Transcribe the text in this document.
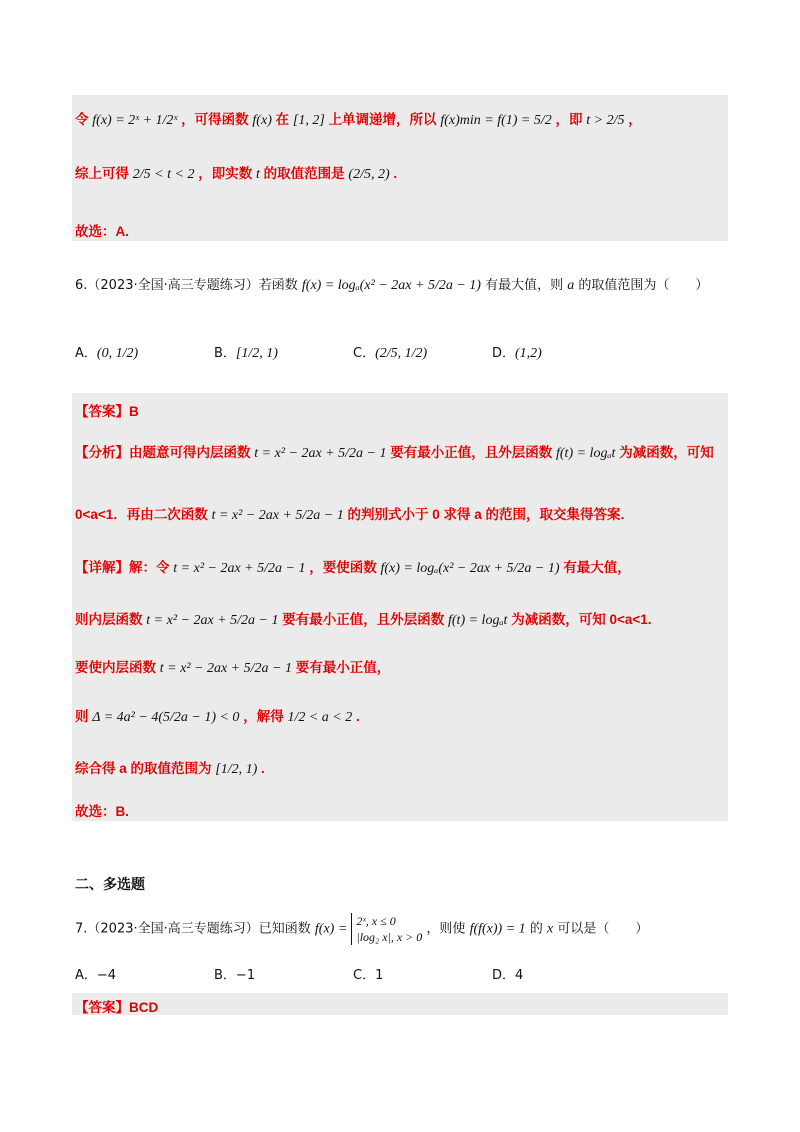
令 f(x) = 2ˣ + 1/2ˣ ，可得函数 f(x) 在 [1, 2] 上单调递增，所以 f(x)min = f(1) = 5/2 ，即 t > 2/5 ，
综上可得 2/5 < t < 2 ，即实数 t 的取值范围是 (2/5, 2) .
故选：A.
6.（2023·全国·高三专题练习）若函数 f(x) = logₐ(x² − 2ax + 5/2a − 1) 有最大值，则 a 的取值范围为（　　）
A．(0, 1/2)	B．[1/2, 1)	C．(2/5, 1/2)	D．(1,2)
【答案】B
【分析】由题意可得内层函数 t = x² − 2ax + 5/2a − 1 要有最小正值，且外层函数 f(t) = logₐt 为减函数，可知
0<a<1．再由二次函数 t = x² − 2ax + 5/2a − 1 的判别式小于 0 求得 a 的范围，取交集得答案．
【详解】解：令 t = x² − 2ax + 5/2a − 1 ，要使函数 f(x) = logₐ(x² − 2ax + 5/2a − 1) 有最大值，
则内层函数 t = x² − 2ax + 5/2a − 1 要有最小正值，且外层函数 f(t) = logₐt 为减函数，可知 0<a<1.
要使内层函数 t = x² − 2ax + 5/2a − 1 要有最小正值，
则 Δ = 4a² − 4(5/2a − 1) < 0 ，解得 1/2 < a < 2 .
综合得 a 的取值范围为 [1/2, 1) .
故选：B.
二、多选题
7.（2023·全国·高三专题练习）已知函数 f(x) =
2ˣ, x ≤ 0
|log₂ x|, x > 0
，则使 f(f(x)) = 1 的 x 可以是（　　）
A．−4	B．−1	C．1	D．4
【答案】BCD
